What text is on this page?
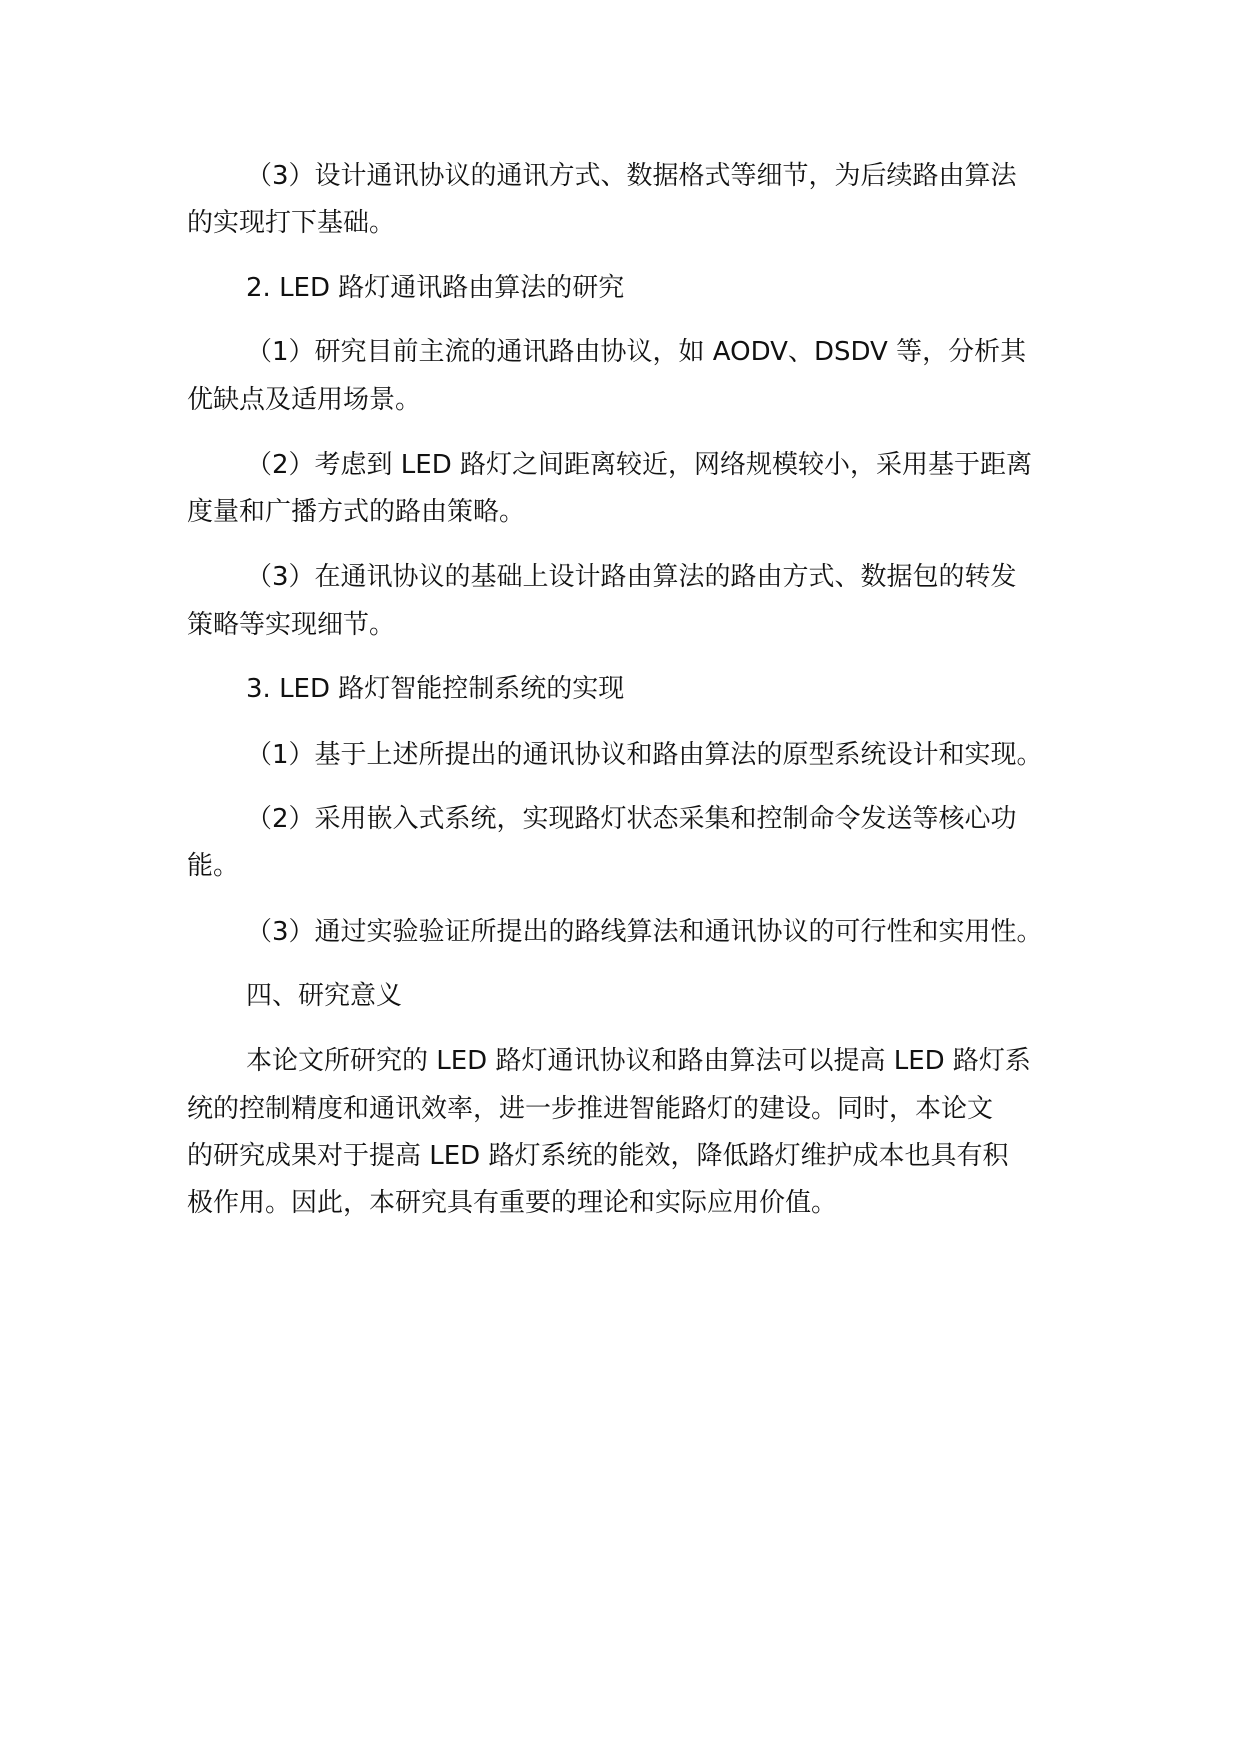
（3）设计通讯协议的通讯方式、数据格式等细节，为后续路由算法

的实现打下基础。

2. LED 路灯通讯路由算法的研究

（1）研究目前主流的通讯路由协议，如 AODV、DSDV 等，分析其

优缺点及适用场景。

（2）考虑到 LED 路灯之间距离较近，网络规模较小，采用基于距离

度量和广播方式的路由策略。

（3）在通讯协议的基础上设计路由算法的路由方式、数据包的转发

策略等实现细节。

3. LED 路灯智能控制系统的实现

（1）基于上述所提出的通讯协议和路由算法的原型系统设计和实现。

（2）采用嵌入式系统，实现路灯状态采集和控制命令发送等核心功

能。

（3）通过实验验证所提出的路线算法和通讯协议的可行性和实用性。

四、研究意义

本论文所研究的 LED 路灯通讯协议和路由算法可以提高 LED 路灯系

统的控制精度和通讯效率，进一步推进智能路灯的建设。同时，本论文

的研究成果对于提高 LED 路灯系统的能效，降低路灯维护成本也具有积

极作用。因此，本研究具有重要的理论和实际应用价值。
